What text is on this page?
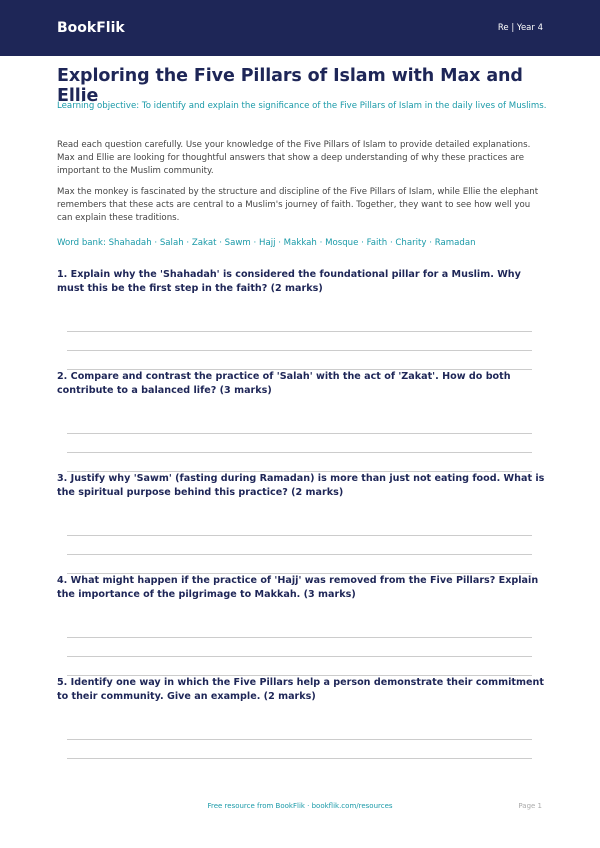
BookFlik	Re | Year 4
Exploring the Five Pillars of Islam with Max and Ellie

Learning objective: To identify and explain the significance of the Five Pillars of Islam in the daily lives of Muslims.

Read each question carefully. Use your knowledge of the Five Pillars of Islam to provide detailed explanations. Max and Ellie are looking for thoughtful answers that show a deep understanding of why these practices are important to the Muslim community.

Max the monkey is fascinated by the structure and discipline of the Five Pillars of Islam, while Ellie the elephant remembers that these acts are central to a Muslim's journey of faith. Together, they want to see how well you can explain these traditions.

Word bank: Shahadah · Salah · Zakat · Sawm · Hajj · Makkah · Mosque · Faith · Charity · Ramadan

1. Explain why the 'Shahadah' is considered the foundational pillar for a Muslim. Why must this be the first step in the faith? (2 marks)

2. Compare and contrast the practice of 'Salah' with the act of 'Zakat'. How do both contribute to a balanced life? (3 marks)

3. Justify why 'Sawm' (fasting during Ramadan) is more than just not eating food. What is the spiritual purpose behind this practice? (2 marks)

4. What might happen if the practice of 'Hajj' was removed from the Five Pillars? Explain the importance of the pilgrimage to Makkah. (3 marks)

5. Identify one way in which the Five Pillars help a person demonstrate their commitment to their community. Give an example. (2 marks)

Free resource from BookFlik · bookflik.com/resources	Page 1
